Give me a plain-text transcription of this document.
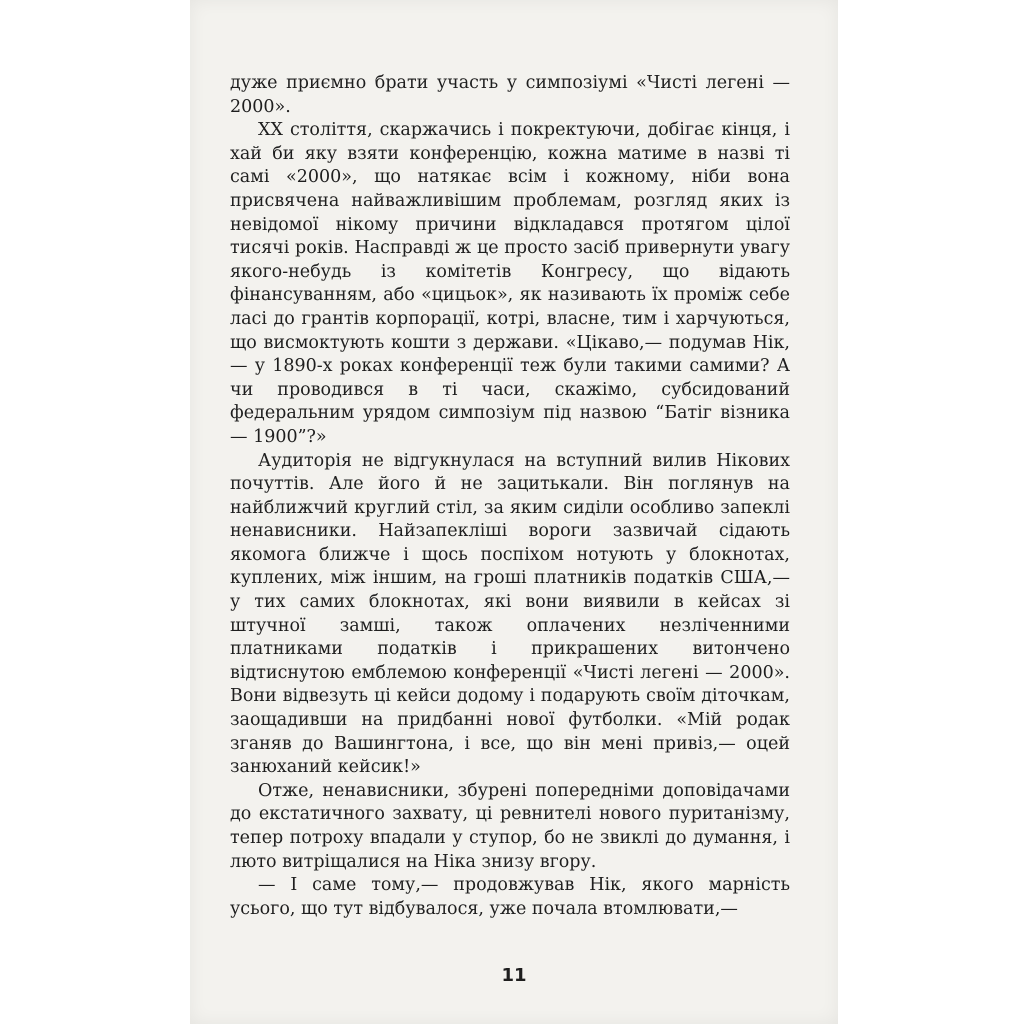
дуже приємно брати участь у симпозіумі «Чисті легені — 2000».

XX століття, скаржачись і покректуючи, добігає кінця, і хай би яку взяти конференцію, кожна матиме в назві ті самі «2000», що натякає всім і кожному, ніби вона присвячена найважливішим проблемам, розгляд яких із невідомої нікому причини відкладався протягом цілої тисячі років. Насправді ж це просто засіб привернути увагу якого-небудь із комітетів Конгресу, що відають фінансуванням, або «цицьок», як називають їх проміж себе ласі до грантів корпорації, котрі, власне, тим і харчуються, що висмоктують кошти з держави. «Цікаво,— подумав Нік,— у 1890-х роках конференції теж були такими самими? А чи проводився в ті часи, скажімо, субсидований федеральним урядом симпозіум під назвою “Батіг візника — 1900”?»

Аудиторія не відгукнулася на вступний вилив Нікових почуттів. Але його й не зацитькали. Він поглянув на найближчий круглий стіл, за яким сиділи особливо запеклі ненависники. Найзапекліші вороги зазвичай сідають якомога ближче і щось поспіхом нотують у блокнотах, куплених, між іншим, на гроші платників податків США,— у тих самих блокнотах, які вони виявили в кейсах зі штучної замші, також оплачених незліченними платниками податків і прикрашених витончено відтиснутою емблемою конференції «Чисті легені — 2000». Вони відвезуть ці кейси додому і подарують своїм діточкам, заощадивши на придбанні нової футболки. «Мій родак зганяв до Вашингтона, і все, що він мені привіз,— оцей занюханий кейсик!»

Отже, ненависники, збурені попередніми доповідачами до екстатичного захвату, ці ревнителі нового пуританізму, тепер потроху впадали у ступор, бо не звиклі до думання, і люто витріщалися на Ніка знизу вгору.

— І саме тому,— продовжував Нік, якого марність усього, що тут відбувалося, уже почала втомлювати,—

11
